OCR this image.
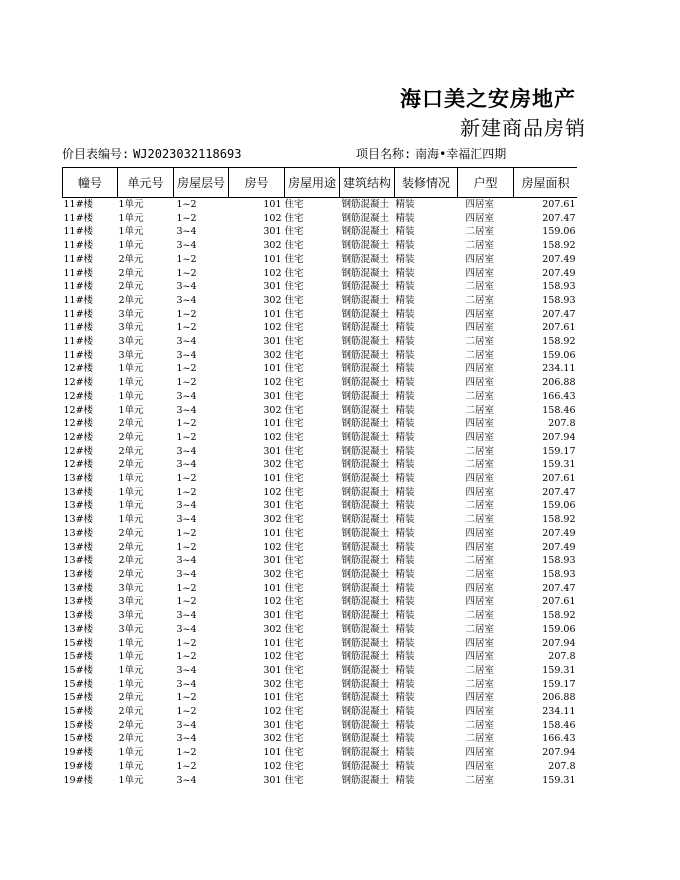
海口美之安房地产
新建商品房销
价目表编号: WJ2023032118693	项目名称: 南海•幸福汇四期
幢号	单元号	房屋层号	房号	房屋用途	建筑结构	装修情况	户型	房屋面积
11#楼	1单元	1~2	101	住宅	钢筋混凝土	精装	四居室	207.61
11#楼	1单元	1~2	102	住宅	钢筋混凝土	精装	四居室	207.47
11#楼	1单元	3~4	301	住宅	钢筋混凝土	精装	二居室	159.06
11#楼	1单元	3~4	302	住宅	钢筋混凝土	精装	二居室	158.92
11#楼	2单元	1~2	101	住宅	钢筋混凝土	精装	四居室	207.49
11#楼	2单元	1~2	102	住宅	钢筋混凝土	精装	四居室	207.49
11#楼	2单元	3~4	301	住宅	钢筋混凝土	精装	二居室	158.93
11#楼	2单元	3~4	302	住宅	钢筋混凝土	精装	二居室	158.93
11#楼	3单元	1~2	101	住宅	钢筋混凝土	精装	四居室	207.47
11#楼	3单元	1~2	102	住宅	钢筋混凝土	精装	四居室	207.61
11#楼	3单元	3~4	301	住宅	钢筋混凝土	精装	二居室	158.92
11#楼	3单元	3~4	302	住宅	钢筋混凝土	精装	二居室	159.06
12#楼	1单元	1~2	101	住宅	钢筋混凝土	精装	四居室	234.11
12#楼	1单元	1~2	102	住宅	钢筋混凝土	精装	四居室	206.88
12#楼	1单元	3~4	301	住宅	钢筋混凝土	精装	二居室	166.43
12#楼	1单元	3~4	302	住宅	钢筋混凝土	精装	二居室	158.46
12#楼	2单元	1~2	101	住宅	钢筋混凝土	精装	四居室	207.8
12#楼	2单元	1~2	102	住宅	钢筋混凝土	精装	四居室	207.94
12#楼	2单元	3~4	301	住宅	钢筋混凝土	精装	二居室	159.17
12#楼	2单元	3~4	302	住宅	钢筋混凝土	精装	二居室	159.31
13#楼	1单元	1~2	101	住宅	钢筋混凝土	精装	四居室	207.61
13#楼	1单元	1~2	102	住宅	钢筋混凝土	精装	四居室	207.47
13#楼	1单元	3~4	301	住宅	钢筋混凝土	精装	二居室	159.06
13#楼	1单元	3~4	302	住宅	钢筋混凝土	精装	二居室	158.92
13#楼	2单元	1~2	101	住宅	钢筋混凝土	精装	四居室	207.49
13#楼	2单元	1~2	102	住宅	钢筋混凝土	精装	四居室	207.49
13#楼	2单元	3~4	301	住宅	钢筋混凝土	精装	二居室	158.93
13#楼	2单元	3~4	302	住宅	钢筋混凝土	精装	二居室	158.93
13#楼	3单元	1~2	101	住宅	钢筋混凝土	精装	四居室	207.47
13#楼	3单元	1~2	102	住宅	钢筋混凝土	精装	四居室	207.61
13#楼	3单元	3~4	301	住宅	钢筋混凝土	精装	二居室	158.92
13#楼	3单元	3~4	302	住宅	钢筋混凝土	精装	二居室	159.06
15#楼	1单元	1~2	101	住宅	钢筋混凝土	精装	四居室	207.94
15#楼	1单元	1~2	102	住宅	钢筋混凝土	精装	四居室	207.8
15#楼	1单元	3~4	301	住宅	钢筋混凝土	精装	二居室	159.31
15#楼	1单元	3~4	302	住宅	钢筋混凝土	精装	二居室	159.17
15#楼	2单元	1~2	101	住宅	钢筋混凝土	精装	四居室	206.88
15#楼	2单元	1~2	102	住宅	钢筋混凝土	精装	四居室	234.11
15#楼	2单元	3~4	301	住宅	钢筋混凝土	精装	二居室	158.46
15#楼	2单元	3~4	302	住宅	钢筋混凝土	精装	二居室	166.43
19#楼	1单元	1~2	101	住宅	钢筋混凝土	精装	四居室	207.94
19#楼	1单元	1~2	102	住宅	钢筋混凝土	精装	四居室	207.8
19#楼	1单元	3~4	301	住宅	钢筋混凝土	精装	二居室	159.31
